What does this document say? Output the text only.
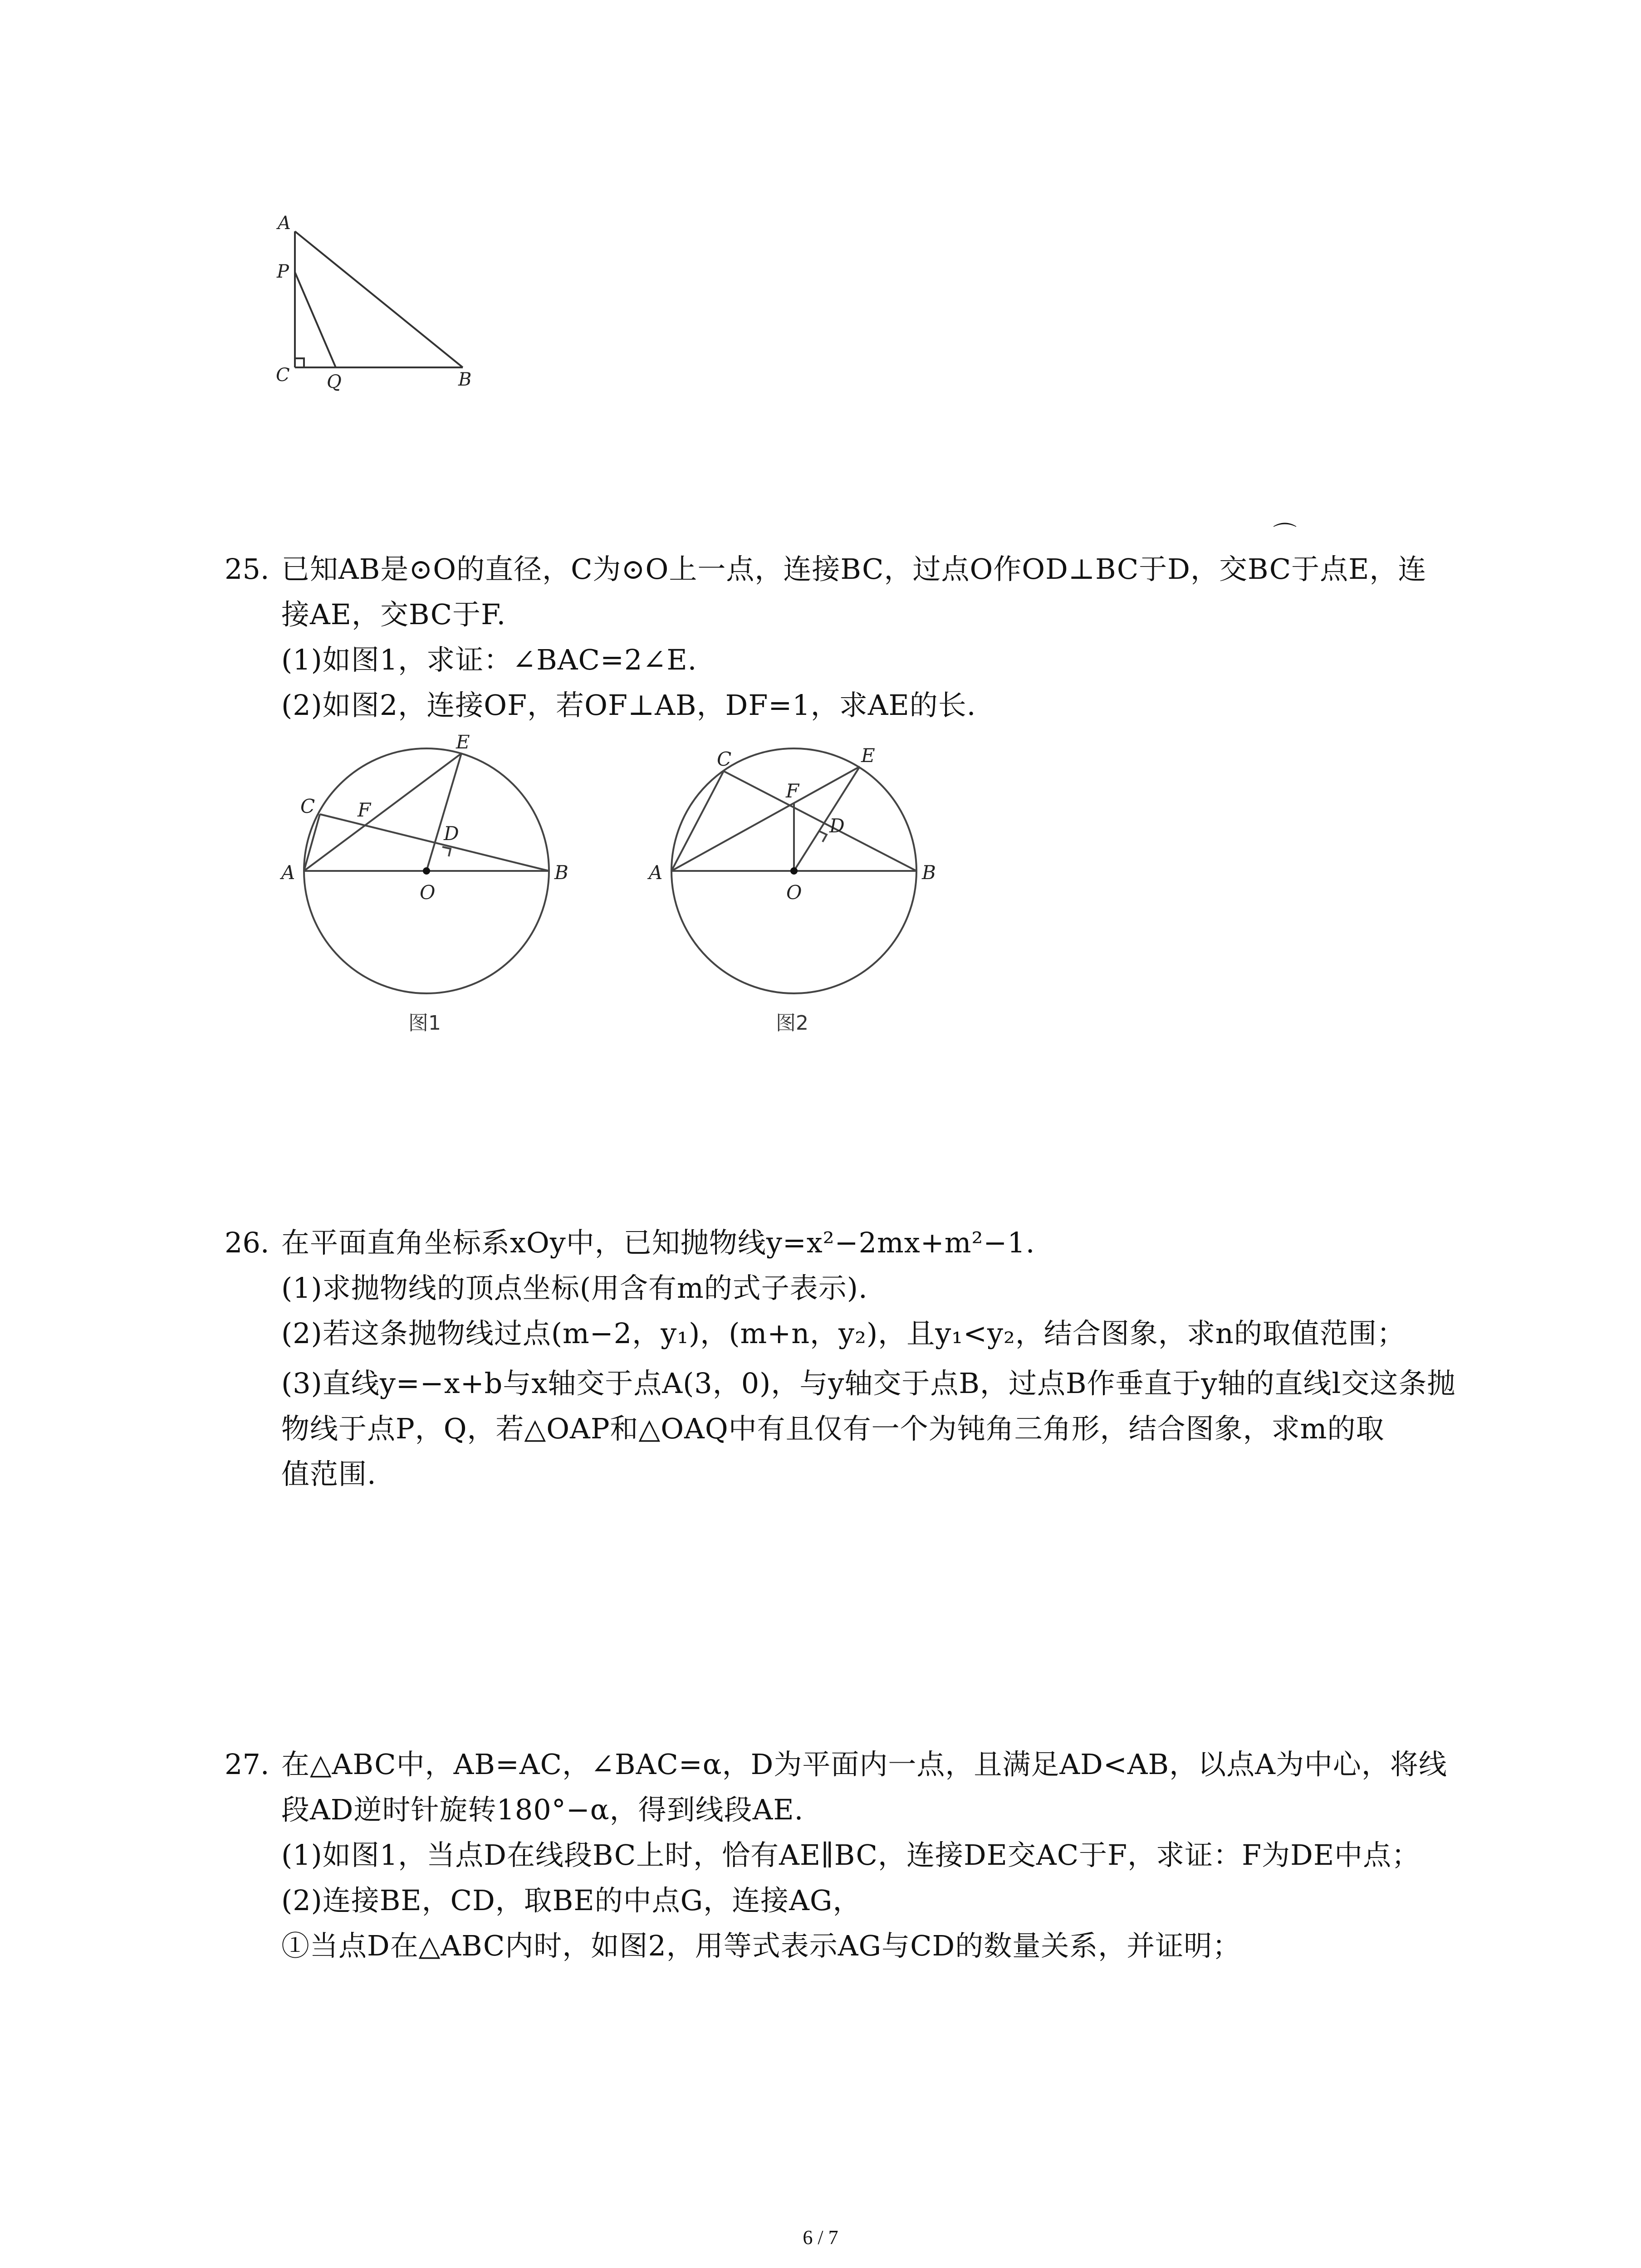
A
P
C Q	B
25.
⌒
已知AB是⊙O的直径，C为⊙O上一点，连接BC，过点O作OD⊥BC于D，交BC于点E，连
接AE，交BC于F.
(1)如图1，求证：∠BAC=2∠E.
(2)如图2，连接OF，若OF⊥AB，DF=1，求AE的长.
A	B
C F
E
D
O
图1
A	B
C
F
E
D
O
图2
26. 在平面直角坐标系xOy中，已知抛物线y=x²−2mx+m²−1.
(1)求抛物线的顶点坐标(用含有m的式子表示).
(2)若这条抛物线过点(m−2，y₁)，(m+n，y₂)，且y₁<y₂，结合图象，求n的取值范围；
(3)直线y=−x+b与x轴交于点A(3，0)，与y轴交于点B，过点B作垂直于y轴的直线l交这条抛
物线于点P，Q，若△OAP和△OAQ中有且仅有一个为钝角三角形，结合图象，求m的取
值范围.
27. 在△ABC中，AB=AC，∠BAC=α，D为平面内一点，且满足AD<AB，以点A为中心，将线
段AD逆时针旋转180°−α，得到线段AE.
(1)如图1，当点D在线段BC上时，恰有AE∥BC，连接DE交AC于F，求证：F为DE中点；
(2)连接BE，CD，取BE的中点G，连接AG，
①当点D在△ABC内时，如图2，用等式表示AG与CD的数量关系，并证明；
6 / 7
